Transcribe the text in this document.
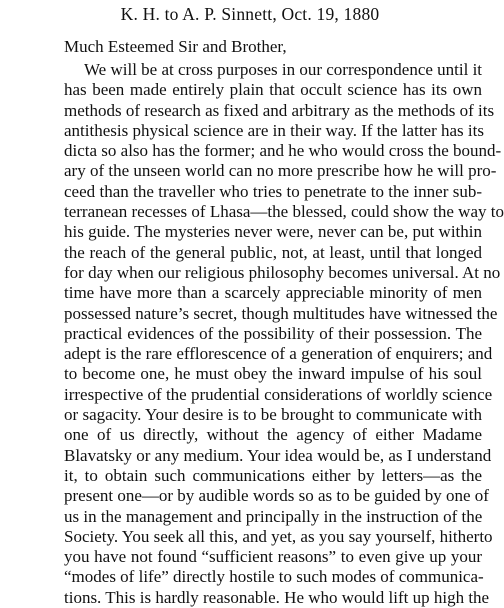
K. H. to A. P. Sinnett, Oct. 19, 1880
Much Esteemed Sir and Brother,
We will be at cross purposes in our correspondence until it
has been made entirely plain that occult science has its own
methods of research as fixed and arbitrary as the methods of its
antithesis physical science are in their way. If the latter has its
dicta so also has the former; and he who would cross the bound-
ary of the unseen world can no more prescribe how he will pro-
ceed than the traveller who tries to penetrate to the inner sub-
terranean recesses of Lhasa—the blessed, could show the way to
his guide. The mysteries never were, never can be, put within
the reach of the general public, not, at least, until that longed
for day when our religious philosophy becomes universal. At no
time have more than a scarcely appreciable minority of men
possessed nature’s secret, though multitudes have witnessed the
practical evidences of the possibility of their possession. The
adept is the rare efflorescence of a generation of enquirers; and
to become one, he must obey the inward impulse of his soul
irrespective of the prudential considerations of worldly science
or sagacity. Your desire is to be brought to communicate with
one of us directly, without the agency of either Madame
Blavatsky or any medium. Your idea would be, as I understand
it, to obtain such communications either by letters—as the
present one—or by audible words so as to be guided by one of
us in the management and principally in the instruction of the
Society. You seek all this, and yet, as you say yourself, hitherto
you have not found “sufficient reasons” to even give up your
“modes of life” directly hostile to such modes of communica-
tions. This is hardly reasonable. He who would lift up high the
